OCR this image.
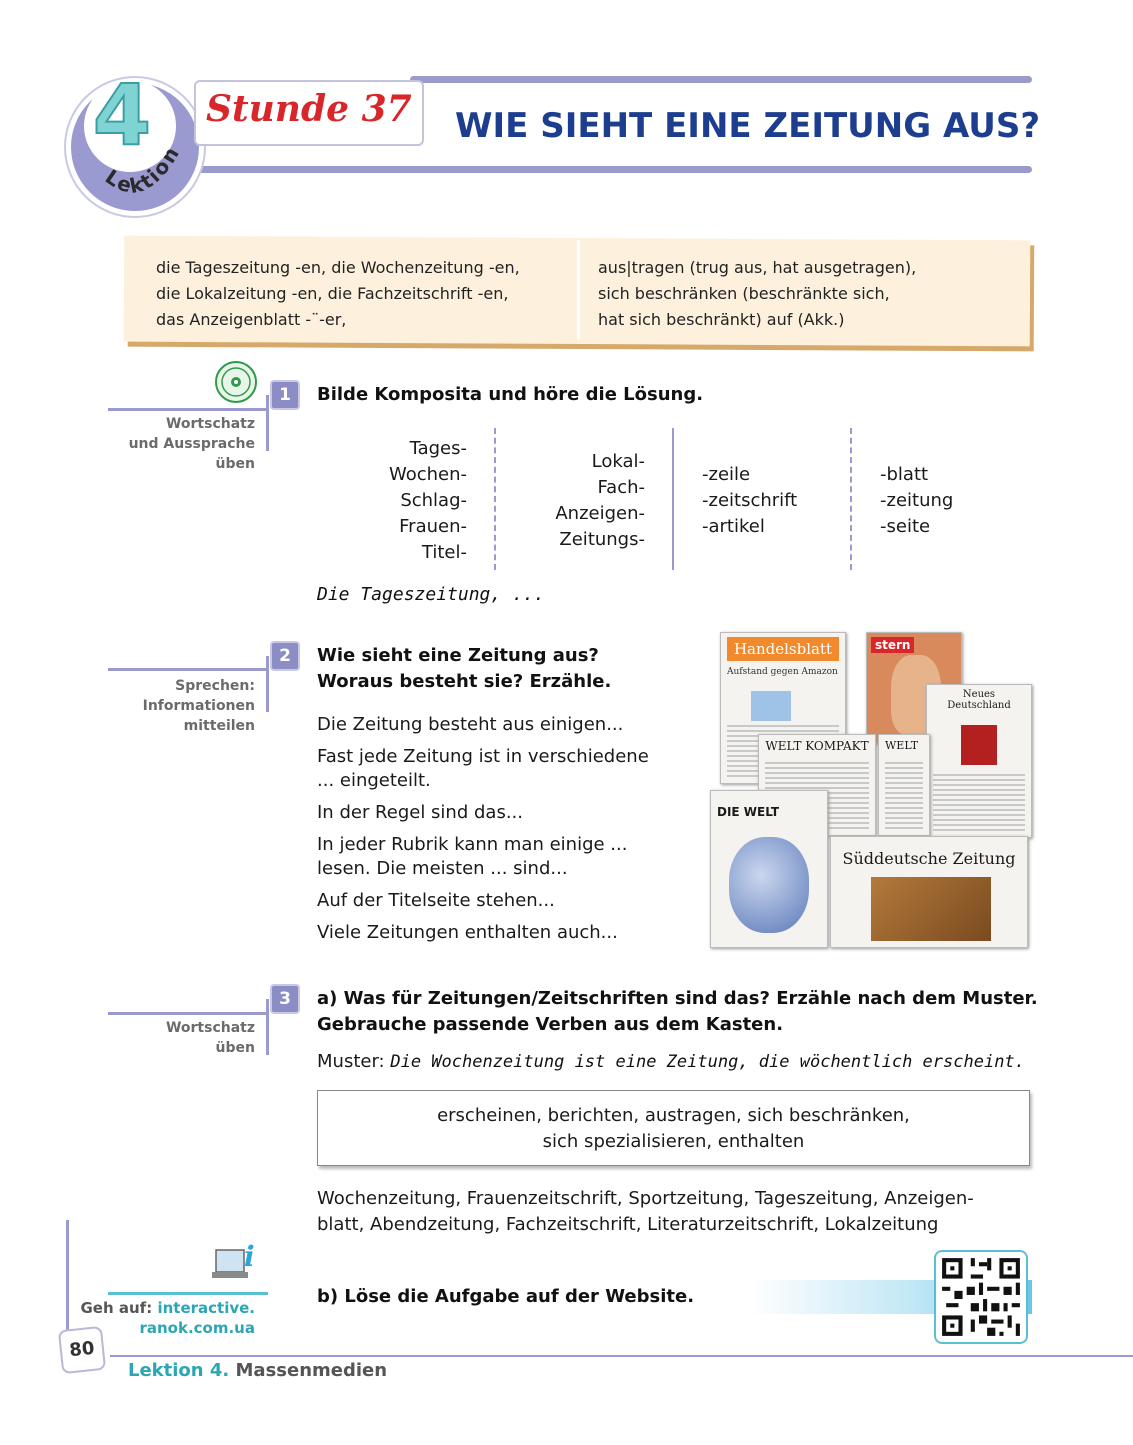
4
Lektion
Stunde 37 WIE SIEHT EINE ZEITUNG AUS?
die Tageszeitung -en, die Wochenzeitung -en,
die Lokalzeitung -en, die Fachzeitschrift -en,
das Anzeigenblatt -¨-er,
aus|tragen (trug aus, hat ausgetragen),
sich beschränken (beschränkte sich,
hat sich beschränkt) auf (Akk.)
1
Wortschatz
und Aussprache
üben
Bilde Komposita und höre die Lösung.
Tages-
Wochen-
Schlag-
Frauen-
Titel-
Lokal-
Fach-
Anzeigen-
Zeitungs-
-zeile
-zeitschrift
-artikel
-blatt
-zeitung
-seite
Die Tageszeitung, ...
2
Sprechen:
Informationen
mitteilen
Wie sieht eine Zeitung aus?
Woraus besteht sie? Erzähle.
Die Zeitung besteht aus einigen...
Fast jede Zeitung ist in verschiedene
... eingeteilt.
In der Regel sind das...
In jeder Rubrik kann man einige ...
lesen. Die meisten ... sind...
Auf der Titelseite stehen...
Viele Zeitungen enthalten auch...
Handelsblatt
Aufstand gegen Amazon
stern
Neues Deutschland
WELT KOMPAKT WELT
DIE WELT
Süddeutsche Zeitung
3
Wortschatz
üben
a) Was für Zeitungen/Zeitschriften sind das? Erzähle nach dem Muster.
Gebrauche passende Verben aus dem Kasten.
Muster: Die Wochenzeitung ist eine Zeitung, die wöchentlich erscheint.
erscheinen, berichten, austragen, sich beschränken,
sich spezialisieren, enthalten
Wochenzeitung, Frauenzeitschrift, Sportzeitung, Tageszeitung, Anzeigen-
blatt, Abendzeitung, Fachzeitschrift, Literaturzeitschrift, Lokalzeitung
i
Geh auf: interactive.
ranok.com.ua
b) Löse die Aufgabe auf der Website.
80
Lektion 4. Massenmedien
